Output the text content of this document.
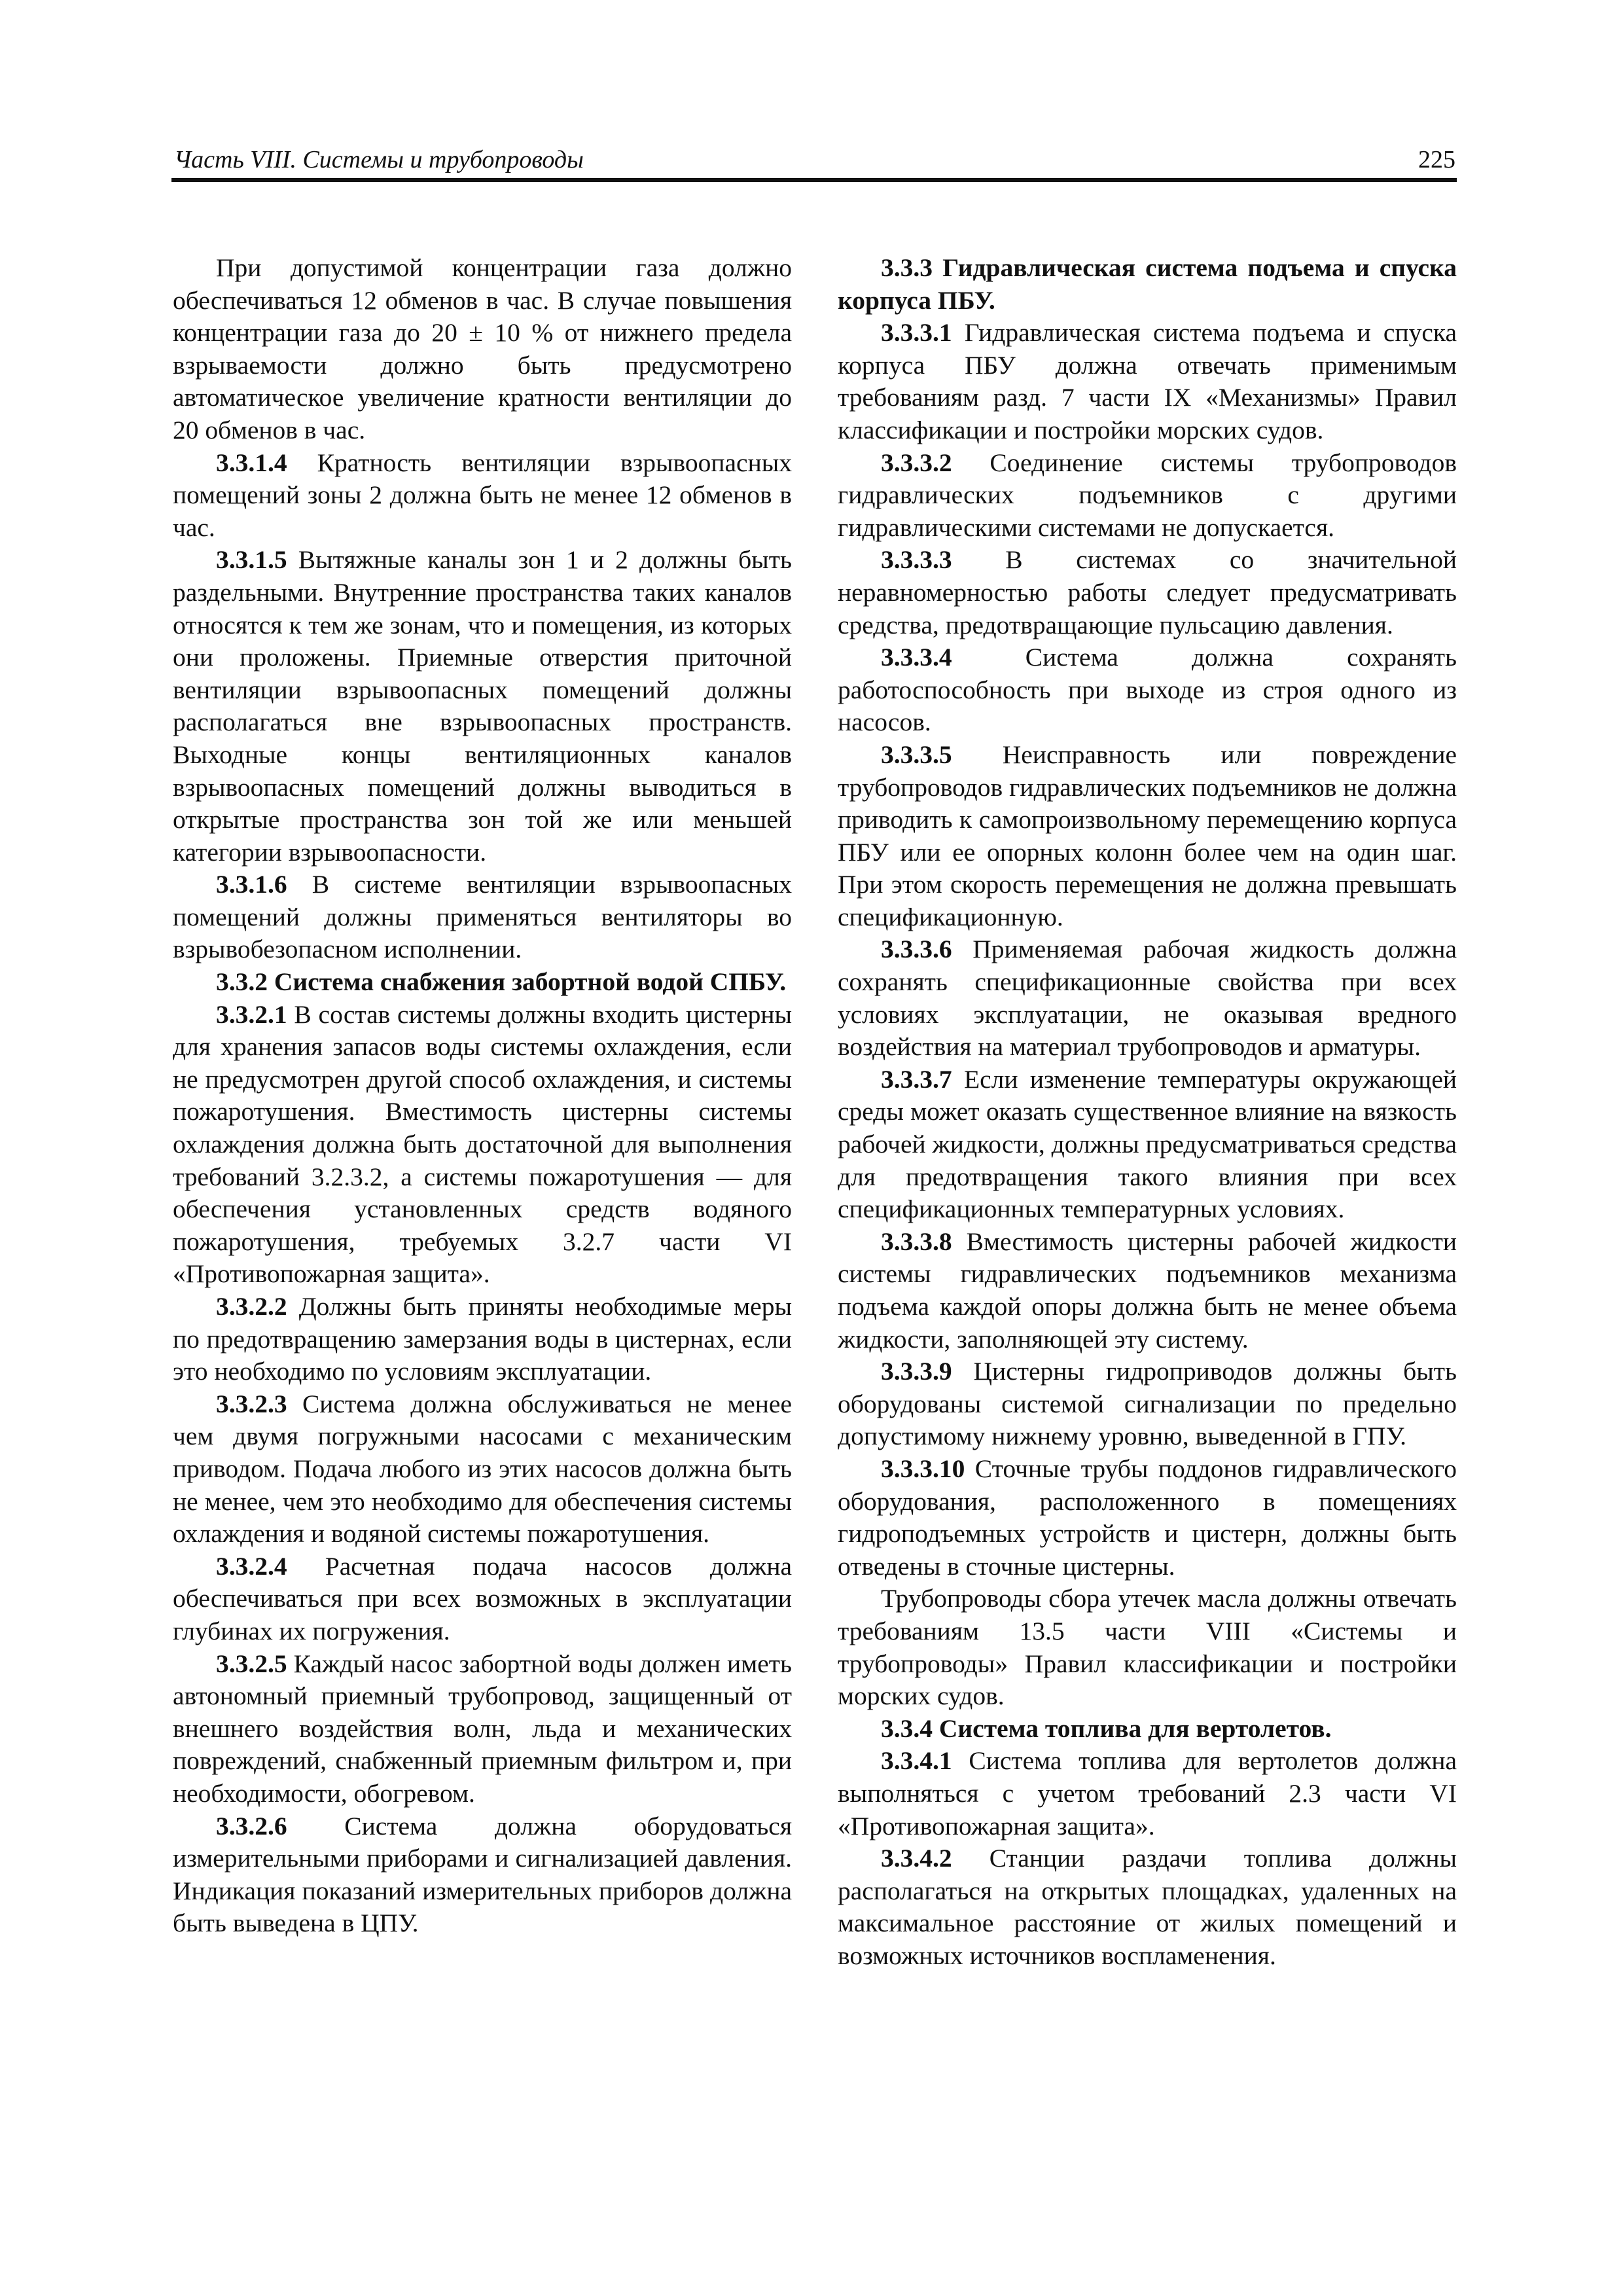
Часть VIII. Системы и трубопроводы	225

При допустимой концентрации газа должно обеспечиваться 12 обменов в час. В случае повышения концентрации газа до 20 ± 10 % от нижнего предела взрываемости должно быть предусмотрено автоматическое увеличение кратности вентиляции до 20 обменов в час.

3.3.1.4 Кратность вентиляции взрывоопасных помещений зоны 2 должна быть не менее 12 обменов в час.

3.3.1.5 Вытяжные каналы зон 1 и 2 должны быть раздельными. Внутренние пространства таких каналов относятся к тем же зонам, что и помещения, из которых они проложены. Приемные отверстия приточной вентиляции взрывоопасных помещений должны располагаться вне взрывоопасных пространств. Выходные концы вентиляционных каналов взрывоопасных помещений должны выводиться в открытые пространства зон той же или меньшей категории взрывоопасности.

3.3.1.6 В системе вентиляции взрывоопасных помещений должны применяться вентиляторы во взрывобезопасном исполнении.

3.3.2 Система снабжения забортной водой СПБУ.

3.3.2.1 В состав системы должны входить цистерны для хранения запасов воды системы охлаждения, если не предусмотрен другой способ охлаждения, и системы пожаротушения. Вместимость цистерны системы охлаждения должна быть достаточной для выполнения требований 3.2.3.2, а системы пожаротушения — для обеспечения установленных средств водяного пожаротушения, требуемых 3.2.7 части VI «Противопожарная защита».

3.3.2.2 Должны быть приняты необходимые меры по предотвращению замерзания воды в цистернах, если это необходимо по условиям эксплуатации.

3.3.2.3 Система должна обслуживаться не менее чем двумя погружными насосами с механическим приводом. Подача любого из этих насосов должна быть не менее, чем это необходимо для обеспечения системы охлаждения и водяной системы пожаротушения.

3.3.2.4 Расчетная подача насосов должна обеспечиваться при всех возможных в эксплуатации глубинах их погружения.

3.3.2.5 Каждый насос забортной воды должен иметь автономный приемный трубопровод, защищенный от внешнего воздействия волн, льда и механических повреждений, снабженный приемным фильтром и, при необходимости, обогревом.

3.3.2.6 Система должна оборудоваться измерительными приборами и сигнализацией давления. Индикация показаний измерительных приборов должна быть выведена в ЦПУ.

3.3.3 Гидравлическая система подъема и спуска корпуса ПБУ.

3.3.3.1 Гидравлическая система подъема и спуска корпуса ПБУ должна отвечать применимым требованиям разд. 7 части IX «Механизмы» Правил классификации и постройки морских судов.

3.3.3.2 Соединение системы трубопроводов гидравлических подъемников с другими гидравлическими системами не допускается.

3.3.3.3 В системах со значительной неравномерностью работы следует предусматривать средства, предотвращающие пульсацию давления.

3.3.3.4	Система должна сохранять работоспособность при выходе из строя одного из насосов.

3.3.3.5 Неисправность или повреждение трубопроводов гидравлических подъемников не должна приводить к самопроизвольному перемещению корпуса ПБУ или ее опорных колонн более чем на один шаг. При этом скорость перемещения не должна превышать спецификационную.

3.3.3.6 Применяемая рабочая жидкость должна сохранять спецификационные свойства при всех условиях эксплуатации, не оказывая вредного воздействия на материал трубопроводов и арматуры.

3.3.3.7 Если изменение температуры окружающей среды может оказать существенное влияние на вязкость рабочей жидкости, должны предусматриваться средства для предотвращения такого влияния при всех спецификационных температурных условиях.

3.3.3.8 Вместимость цистерны рабочей жидкости системы гидравлических подъемников механизма подъема каждой опоры должна быть не менее объема жидкости, заполняющей эту систему.

3.3.3.9 Цистерны гидроприводов должны быть оборудованы системой сигнализации по предельно допустимому нижнему уровню, выведенной в ГПУ.

3.3.3.10 Сточные трубы поддонов гидравлического оборудования, расположенного в помещениях гидроподъемных устройств и цистерн, должны быть отведены в сточные цистерны.

Трубопроводы сбора утечек масла должны отвечать требованиям 13.5 части VIII «Системы и трубопроводы» Правил классификации и постройки морских судов.

3.3.4 Система топлива для вертолетов.

3.3.4.1 Система топлива для вертолетов должна выполняться с учетом требований 2.3 части VI «Противопожарная защита».

3.3.4.2 Станции раздачи топлива должны располагаться на открытых площадках, удаленных на максимальное расстояние от жилых помещений и возможных источников воспламенения.
